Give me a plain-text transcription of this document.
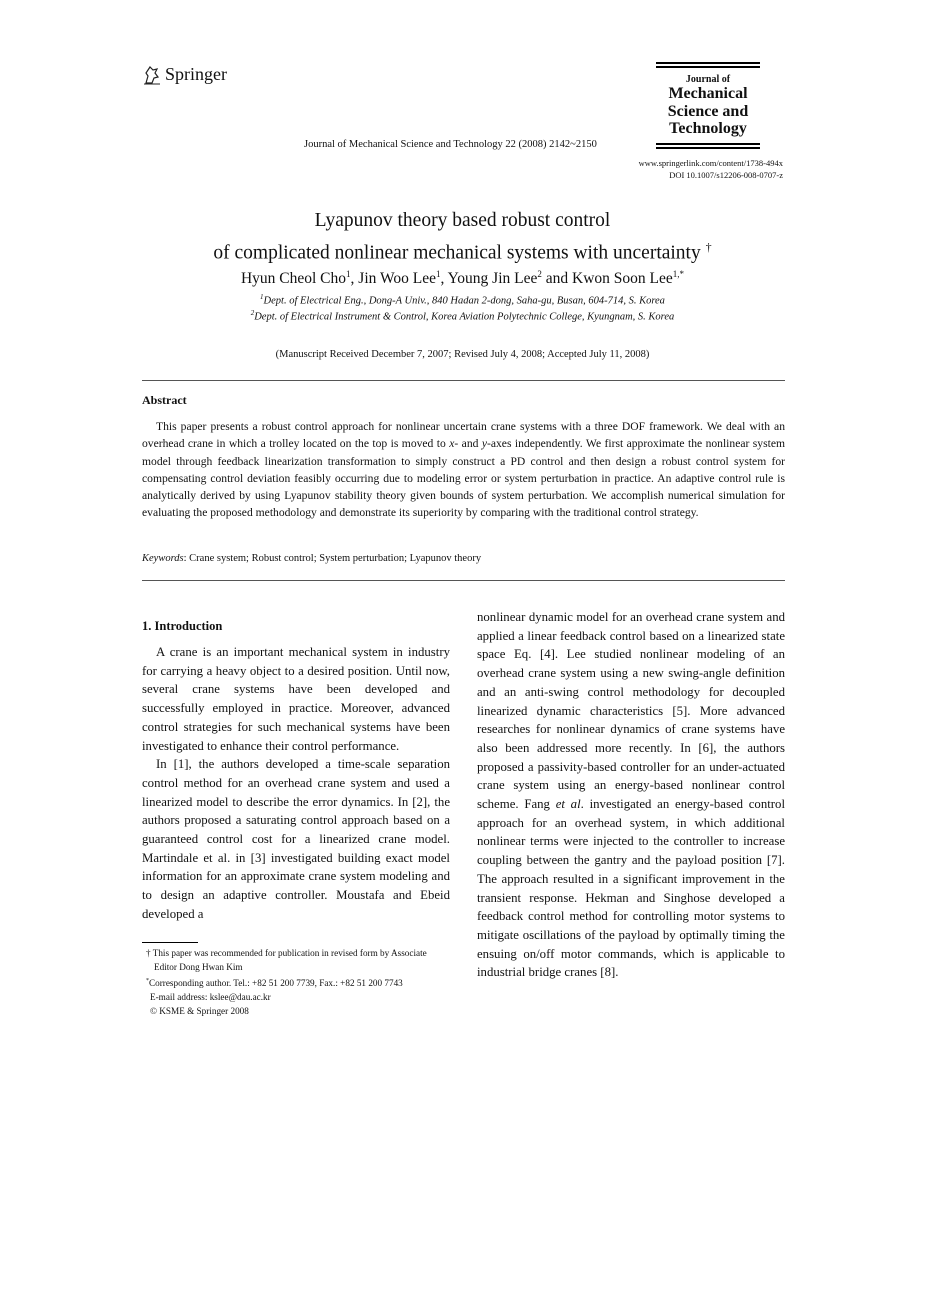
Springer
Journal of Mechanical Science and Technology 22 (2008) 2142~2150
Journal of
Mechanical
Science and
Technology
www.springerlink.com/content/1738-494x
DOI 10.1007/s12206-008-0707-z
Lyapunov theory based robust control
of complicated nonlinear mechanical systems with uncertainty †
Hyun Cheol Cho$^1$, Jin Woo Lee$^1$, Young Jin Lee$^2$ and Kwon Soon Lee$^{1,*}$
$^1$Dept. of Electrical Eng., Dong-A Univ., 840 Hadan 2-dong, Saha-gu, Busan, 604-714, S. Korea
$^2$Dept. of Electrical Instrument & Control, Korea Aviation Polytechnic College, Kyungnam, S. Korea
(Manuscript Received December 7, 2007; Revised July 4, 2008; Accepted July 11, 2008)
Abstract
This paper presents a robust control approach for nonlinear uncertain crane systems with a three DOF framework. We deal with an overhead crane in which a trolley located on the top is moved to x- and y-axes independently. We first approximate the nonlinear system model through feedback linearization transformation to simply construct a PD control and then design a robust control system for compensating control deviation feasibly occurring due to modeling error or system perturbation in practice. An adaptive control rule is analytically derived by using Lyapunov stability theory given bounds of system perturbation. We accomplish numerical simulation for evaluating the proposed methodology and demonstrate its superiority by comparing with the traditional control strategy.
Keywords: Crane system; Robust control; System perturbation; Lyapunov theory
1. Introduction

A crane is an important mechanical system in industry for carrying a heavy object to a desired position. Until now, several crane systems have been developed and successfully employed in practice. Moreover, advanced control strategies for such mechanical systems have been investigated to enhance their control performance.

In [1], the authors developed a time-scale separation control method for an overhead crane system and used a linearized model to describe the error dynamics. In [2], the authors proposed a saturating control approach based on a guaranteed control cost for a linearized crane model. Martindale et al. in [3] investigated building exact model information for an approximate crane system modeling and to design an adaptive controller. Moustafa and Ebeid developed a

nonlinear dynamic model for an overhead crane system and applied a linear feedback control based on a linearized state space Eq. [4]. Lee studied nonlinear modeling of an overhead crane system using a new swing-angle definition and an anti-swing control methodology for decoupled linearized dynamic characteristics [5]. More advanced researches for nonlinear dynamics of crane systems have also been addressed more recently. In [6], the authors proposed a passivity-based controller for an under-actuated crane system using an energy-based nonlinear control scheme. Fang et al. investigated an energy-based control approach for an overhead system, in which additional nonlinear terms were injected to the controller to increase coupling between the gantry and the payload position [7]. The approach resulted in a significant improvement in the transient response. Hekman and Singhose developed a feedback control method for controlling motor systems to mitigate oscillations of the payload by optimally timing the ensuing on/off motor commands, which is applicable to industrial bridge cranes [8].

† This paper was recommended for publication in revised form by Associate
Editor Dong Hwan Kim
*Corresponding author. Tel.: +82 51 200 7739, Fax.: +82 51 200 7743
E-mail address: kslee@dau.ac.kr
© KSME & Springer 2008
